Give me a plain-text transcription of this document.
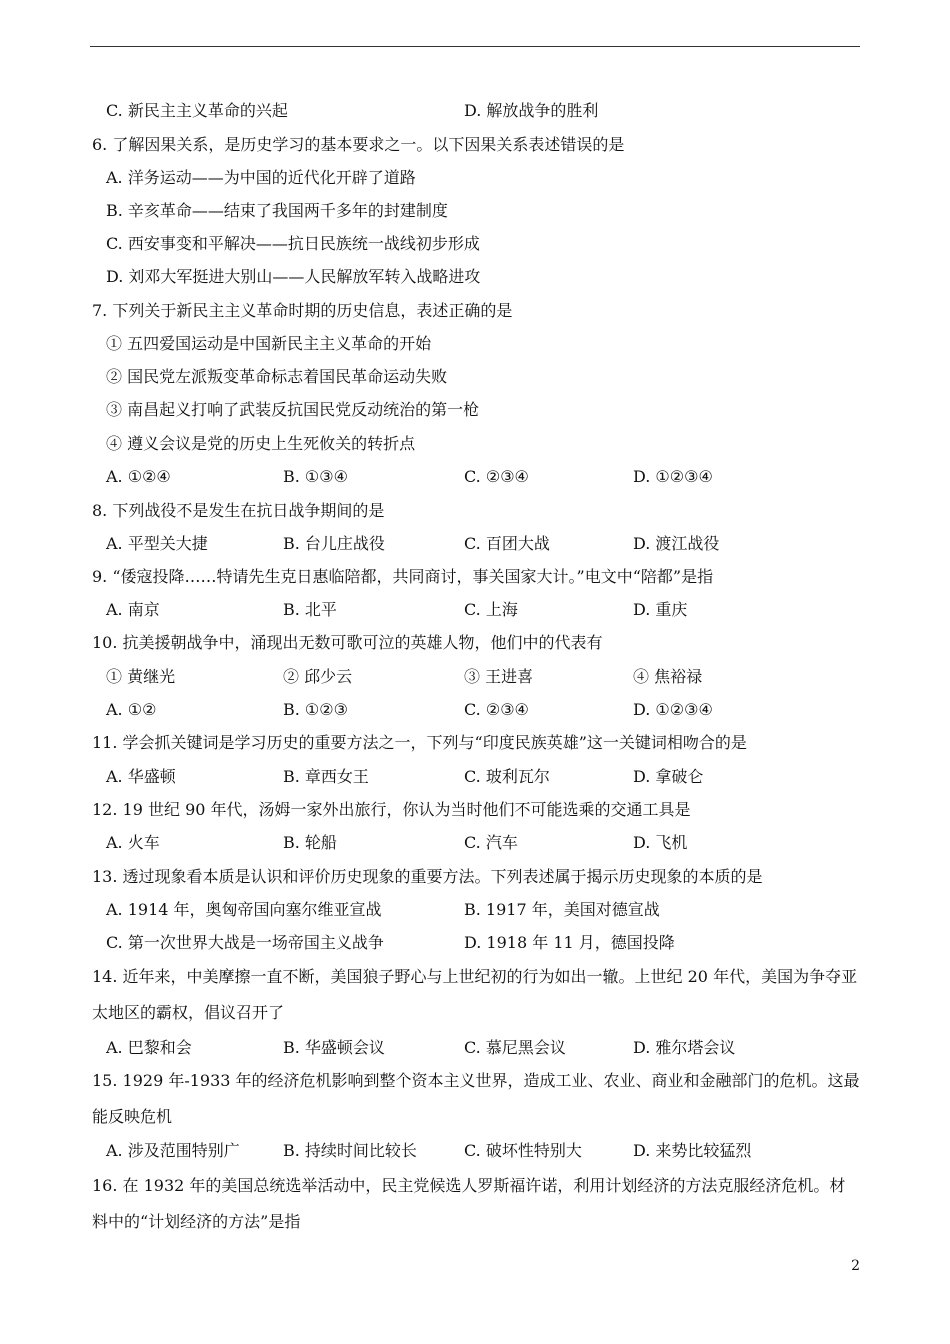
C. 新民主主义革命的兴起	D. 解放战争的胜利
6. 了解因果关系，是历史学习的基本要求之一。以下因果关系表述错误的是
A. 洋务运动——为中国的近代化开辟了道路
B. 辛亥革命——结束了我国两千多年的封建制度
C. 西安事变和平解决——抗日民族统一战线初步形成
D. 刘邓大军挺进大别山——人民解放军转入战略进攻
7. 下列关于新民主主义革命时期的历史信息，表述正确的是
① 五四爱国运动是中国新民主主义革命的开始
② 国民党左派叛变革命标志着国民革命运动失败
③ 南昌起义打响了武装反抗国民党反动统治的第一枪
④ 遵义会议是党的历史上生死攸关的转折点
A. ①②④	B. ①③④	C. ②③④	D. ①②③④
8. 下列战役不是发生在抗日战争期间的是
A. 平型关大捷	B. 台儿庄战役	C. 百团大战	D. 渡江战役
9. “倭寇投降……特请先生克日惠临陪都，共同商讨，事关国家大计。”电文中“陪都”是指
A. 南京	B. 北平	C. 上海	D. 重庆
10. 抗美援朝战争中，涌现出无数可歌可泣的英雄人物，他们中的代表有
① 黄继光	② 邱少云	③ 王进喜	④ 焦裕禄
A. ①②	B. ①②③	C. ②③④	D. ①②③④
11. 学会抓关键词是学习历史的重要方法之一，下列与“印度民族英雄”这一关键词相吻合的是
A. 华盛顿	B. 章西女王	C. 玻利瓦尔	D. 拿破仑
12. 19 世纪 90 年代，汤姆一家外出旅行，你认为当时他们不可能选乘的交通工具是
A. 火车	B. 轮船	C. 汽车	D. 飞机
13. 透过现象看本质是认识和评价历史现象的重要方法。下列表述属于揭示历史现象的本质的是
A. 1914 年，奥匈帝国向塞尔维亚宣战	B. 1917 年，美国对德宣战
C. 第一次世界大战是一场帝国主义战争	D. 1918 年 11 月，德国投降
14. 近年来，中美摩擦一直不断，美国狼子野心与上世纪初的行为如出一辙。上世纪 20 年代，美国为争夺亚
太地区的霸权，倡议召开了
A. 巴黎和会	B. 华盛顿会议	C. 慕尼黑会议	D. 雅尔塔会议
15. 1929 年-1933 年的经济危机影响到整个资本主义世界，造成工业、农业、商业和金融部门的危机。这最
能反映危机
A. 涉及范围特别广	B. 持续时间比较长	C. 破坏性特别大	D. 来势比较猛烈
16. 在 1932 年的美国总统选举活动中，民主党候选人罗斯福许诺，利用计划经济的方法克服经济危机。材
料中的“计划经济的方法”是指
2
